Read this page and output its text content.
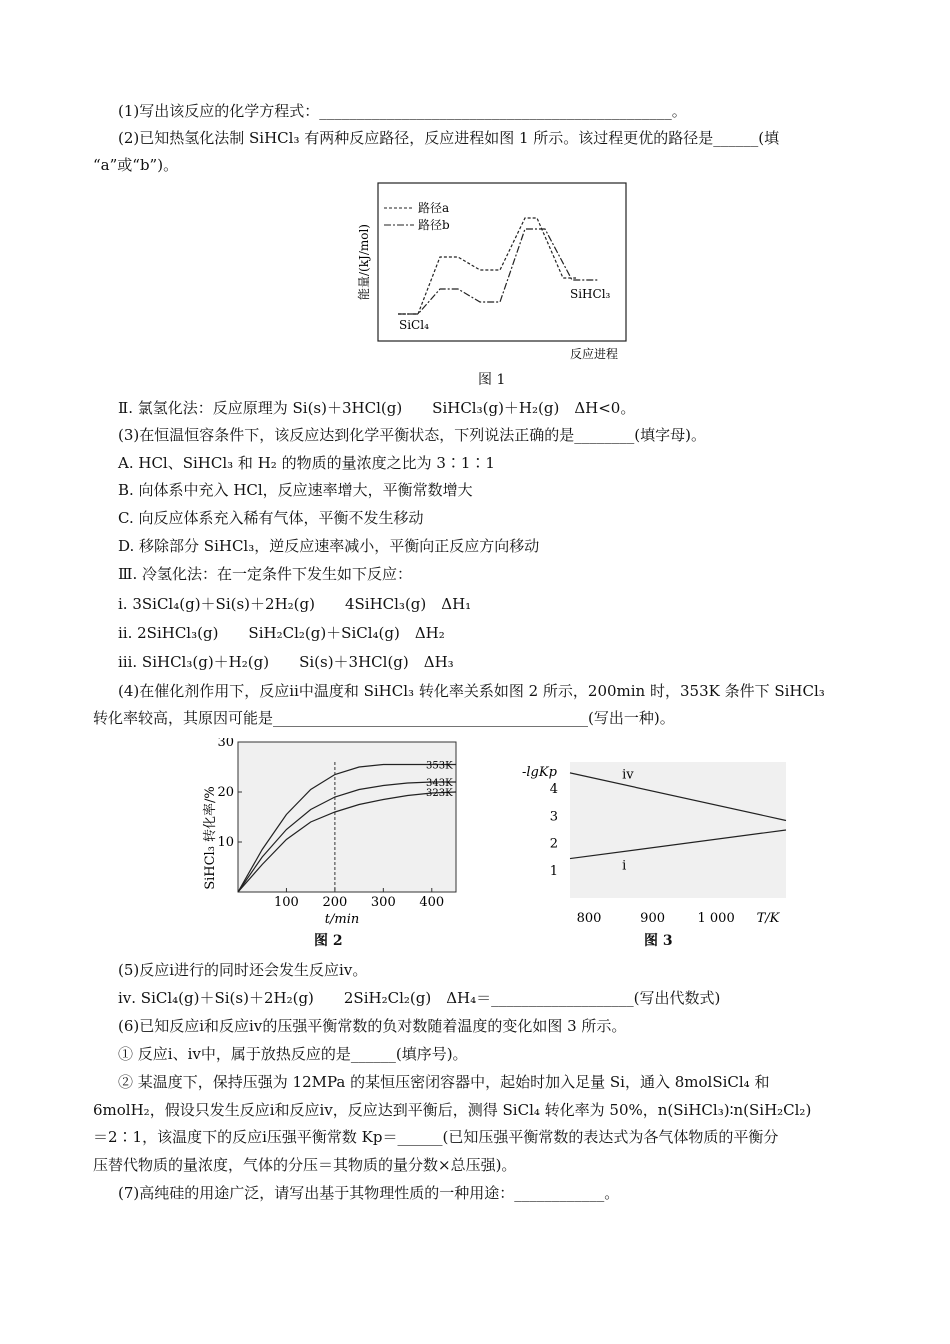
(1)写出该反应的化学方程式：_______________________________________________。
(2)已知热氢化法制 SiHCl₃ 有两种反应路径，反应进程如图 1 所示。该过程更优的路径是______(填
“a”或“b”)。
能量/(kJ/mol)
反应进程
路径a
路径b
SiCl₄
SiHCl₃
图 1
Ⅱ. 氯氢化法：反应原理为 Si(s)＋3HCl(g)　　SiHCl₃(g)＋H₂(g)　ΔH<0。
(3)在恒温恒容条件下，该反应达到化学平衡状态，下列说法正确的是________(填字母)。
A. HCl、SiHCl₃ 和 H₂ 的物质的量浓度之比为 3∶1∶1
B. 向体系中充入 HCl，反应速率增大，平衡常数增大
C. 向反应体系充入稀有气体，平衡不发生移动
D. 移除部分 SiHCl₃，逆反应速率减小，平衡向正反应方向移动
Ⅲ. 冷氢化法：在一定条件下发生如下反应：
ⅰ. 3SiCl₄(g)＋Si(s)＋2H₂(g)　　4SiHCl₃(g)　ΔH₁
ⅱ. 2SiHCl₃(g)　　SiH₂Cl₂(g)＋SiCl₄(g)　ΔH₂
ⅲ. SiHCl₃(g)＋H₂(g)　　Si(s)＋3HCl(g)　ΔH₃
(4)在催化剂作用下，反应ⅱ中温度和 SiHCl₃ 转化率关系如图 2 所示，200min 时，353K 条件下 SiHCl₃
转化率较高，其原因可能是__________________________________________(写出一种)。
SiHCl₃ 转化率/%
t/min
100 200 300 400
10
20
30
353K
343K
323K
图 2
-lgKp
T/K
800	900	1 000
1
2
3
4
ⅳ
ⅰ
图 3
(5)反应ⅰ进行的同时还会发生反应ⅳ。
ⅳ. SiCl₄(g)＋Si(s)＋2H₂(g)　　2SiH₂Cl₂(g)　ΔH₄＝___________________(写出代数式)
(6)已知反应ⅰ和反应ⅳ的压强平衡常数的负对数随着温度的变化如图 3 所示。
① 反应ⅰ、ⅳ中，属于放热反应的是______(填序号)。
② 某温度下，保持压强为 12MPa 的某恒压密闭容器中，起始时加入足量 Si，通入 8molSiCl₄ 和
6molH₂，假设只发生反应ⅰ和反应ⅳ，反应达到平衡后，测得 SiCl₄ 转化率为 50%，n(SiHCl₃)∶n(SiH₂Cl₂)
＝2∶1，该温度下的反应ⅰ压强平衡常数 Kp＝______(已知压强平衡常数的表达式为各气体物质的平衡分
压替代物质的量浓度，气体的分压＝其物质的量分数×总压强)。
(7)高纯硅的用途广泛，请写出基于其物理性质的一种用途：____________。
